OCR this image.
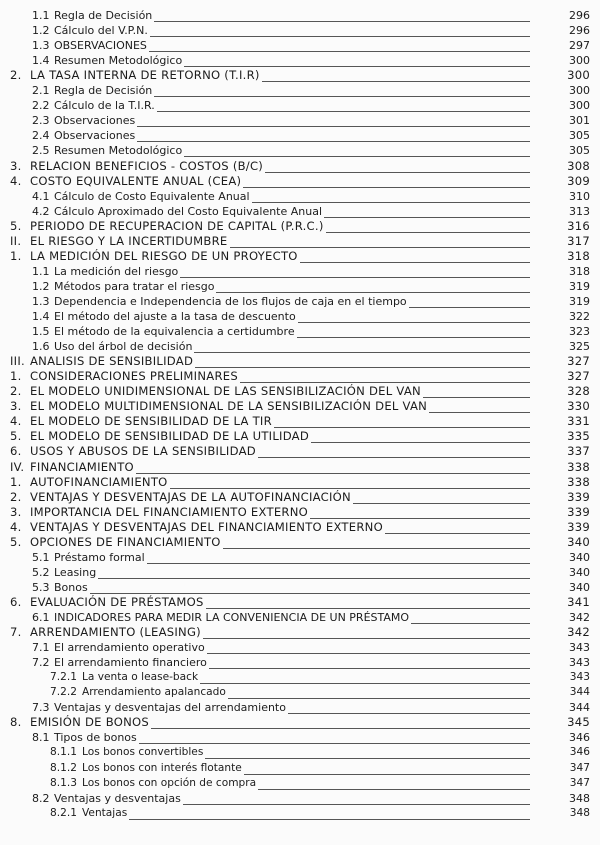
1.1 Regla de Decisión	296
1.2 Cálculo del V.P.N.	296
1.3 OBSERVACIONES	297
1.4 Resumen Metodológico	300
2. LA TASA INTERNA DE RETORNO (T.I.R)	300
2.1 Regla de Decisión	300
2.2 Cálculo de la T.I.R.	300
2.3 Observaciones	301
2.4 Observaciones	305
2.5 Resumen Metodológico	305
3. RELACION BENEFICIOS - COSTOS (B/C)	308
4. COSTO EQUIVALENTE ANUAL (CEA)	309
4.1 Cálculo de Costo Equivalente Anual	310
4.2 Cálculo Aproximado del Costo Equivalente Anual	313
5. PERIODO DE RECUPERACION DE CAPITAL (P.R.C.)	316
II. EL RIESGO Y LA INCERTIDUMBRE	317
1. LA MEDICIÓN DEL RIESGO DE UN PROYECTO	318
1.1 La medición del riesgo	318
1.2 Métodos para tratar el riesgo	319
1.3 Dependencia e Independencia de los flujos de caja en el tiempo	319
1.4 El método del ajuste a la tasa de descuento	322
1.5 El método de la equivalencia a certidumbre	323
1.6 Uso del árbol de decisión	325
III. ANALISIS DE SENSIBILIDAD	327
1. CONSIDERACIONES PRELIMINARES	327
2. EL MODELO UNIDIMENSIONAL DE LAS SENSIBILIZACIÓN DEL VAN	328
3. EL MODELO MULTIDIMENSIONAL DE LA SENSIBILIZACIÓN DEL VAN	330
4. EL MODELO DE SENSIBILIDAD DE LA TIR	331
5. EL MODELO DE SENSIBILIDAD DE LA UTILIDAD	335
6. USOS Y ABUSOS DE LA SENSIBILIDAD	337
IV. FINANCIAMIENTO	338
1. AUTOFINANCIAMIENTO	338
2. VENTAJAS Y DESVENTAJAS DE LA AUTOFINANCIACIÓN	339
3. IMPORTANCIA DEL FINANCIAMIENTO EXTERNO	339
4. VENTAJAS Y DESVENTAJAS DEL FINANCIAMIENTO EXTERNO	339
5. OPCIONES DE FINANCIAMIENTO	340
5.1 Préstamo formal	340
5.2 Leasing	340
5.3 Bonos	340
6. EVALUACIÓN DE PRÉSTAMOS	341
6.1 INDICADORES PARA MEDIR LA CONVENIENCIA DE UN PRÉSTAMO	342
7. ARRENDAMIENTO (LEASING)	342
7.1 El arrendamiento operativo	343
7.2 El arrendamiento financiero	343
7.2.1 La venta o lease-back	343
7.2.2 Arrendamiento apalancado	344
7.3 Ventajas y desventajas del arrendamiento	344
8. EMISIÓN DE BONOS	345
8.1 Tipos de bonos	346
8.1.1 Los bonos convertibles	346
8.1.2 Los bonos con interés flotante	347
8.1.3 Los bonos con opción de compra	347
8.2 Ventajas y desventajas	348
8.2.1 Ventajas	348
